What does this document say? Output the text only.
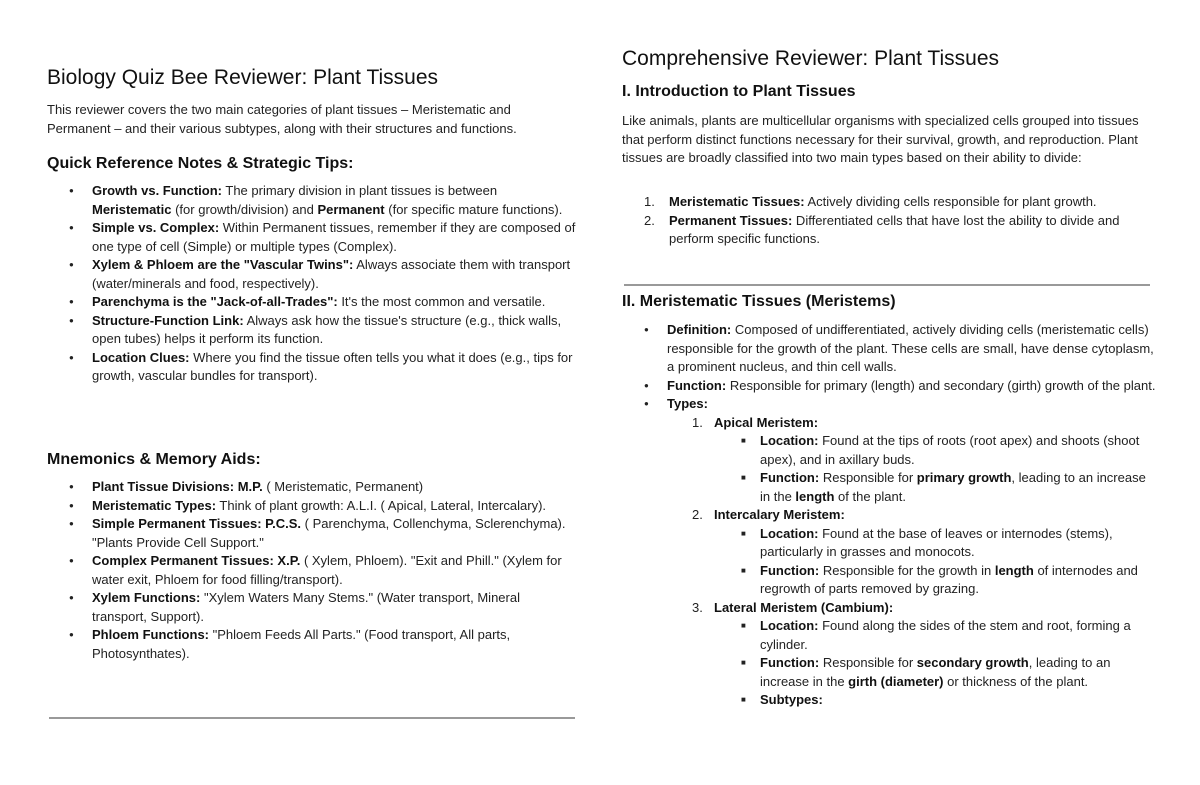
Biology Quiz Bee Reviewer: Plant Tissues

This reviewer covers the two main categories of plant tissues – Meristematic and Permanent – and their various subtypes, along with their structures and functions.

Quick Reference Notes & Strategic Tips:
● Growth vs. Function: The primary division in plant tissues is between Meristematic (for growth/division) and Permanent (for specific mature functions).
● Simple vs. Complex: Within Permanent tissues, remember if they are composed of one type of cell (Simple) or multiple types (Complex).
● Xylem & Phloem are the "Vascular Twins": Always associate them with transport (water/minerals and food, respectively).
● Parenchyma is the "Jack-of-all-Trades": It's the most common and versatile.
● Structure-Function Link: Always ask how the tissue's structure (e.g., thick walls, open tubes) helps it perform its function.
● Location Clues: Where you find the tissue often tells you what it does (e.g., tips for growth, vascular bundles for transport).
Mnemonics & Memory Aids:
● Plant Tissue Divisions: M.P. ( Meristematic, Permanent)
● Meristematic Types: Think of plant growth: A.L.I. ( Apical, Lateral, Intercalary).
● Simple Permanent Tissues: P.C.S. ( Parenchyma, Collenchyma, Sclerenchyma). "Plants Provide Cell Support."
● Complex Permanent Tissues: X.P. ( Xylem, Phloem). "Exit and Phill." (Xylem for water exit, Phloem for food filling/transport).
● Xylem Functions: "Xylem Waters Many Stems." (Water transport, Mineral transport, Support).
● Phloem Functions: "Phloem Feeds All Parts." (Food transport, All parts, Photosynthates).
Comprehensive Reviewer: Plant Tissues
I. Introduction to Plant Tissues

Like animals, plants are multicellular organisms with specialized cells grouped into tissues that perform distinct functions necessary for their survival, growth, and reproduction. Plant tissues are broadly classified into two main types based on their ability to divide:

1. Meristematic Tissues: Actively dividing cells responsible for plant growth.
2. Permanent Tissues: Differentiated cells that have lost the ability to divide and perform specific functions.
II. Meristematic Tissues (Meristems)
● Definition: Composed of undifferentiated, actively dividing cells (meristematic cells) responsible for the growth of the plant. These cells are small, have dense cytoplasm, a prominent nucleus, and thin cell walls.
● Function: Responsible for primary (length) and secondary (girth) growth of the plant.
● Types:
1. Apical Meristem:
■ Location: Found at the tips of roots (root apex) and shoots (shoot apex), and in axillary buds.
■ Function: Responsible for primary growth, leading to an increase in the length of the plant.
2. Intercalary Meristem:
■ Location: Found at the base of leaves or internodes (stems), particularly in grasses and monocots.
■ Function: Responsible for the growth in length of internodes and regrowth of parts removed by grazing.
3. Lateral Meristem (Cambium):
■ Location: Found along the sides of the stem and root, forming a cylinder.
■ Function: Responsible for secondary growth, leading to an increase in the girth (diameter) or thickness of the plant.
■ Subtypes:
